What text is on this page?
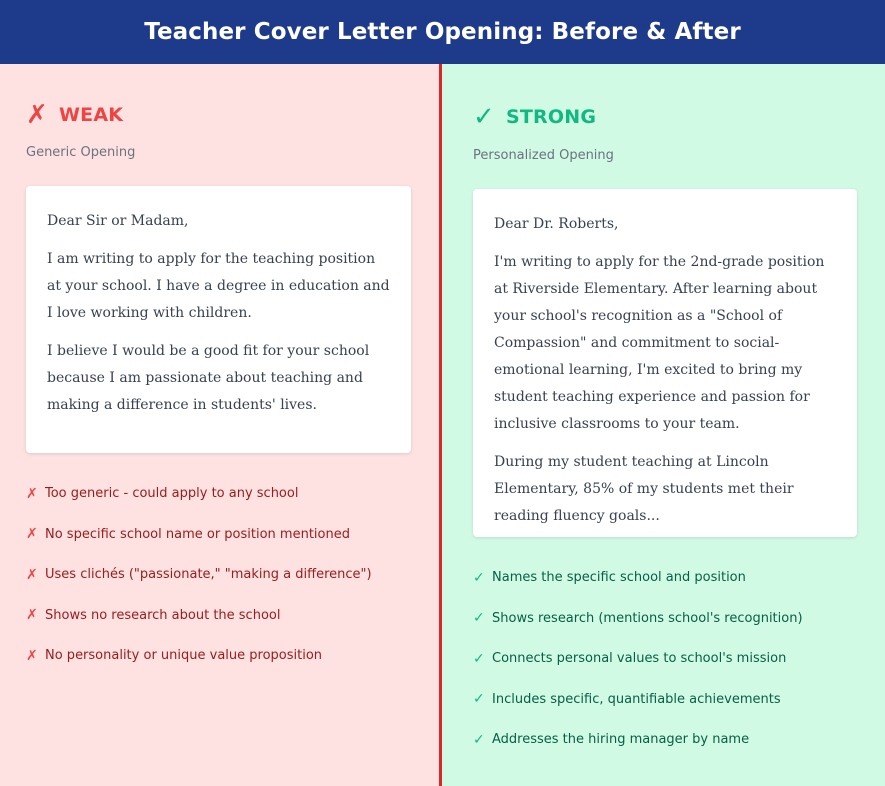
Teacher Cover Letter Opening: Before & After
✗ WEAK
Generic Opening

Dear Sir or Madam,

I am writing to apply for the teaching position at your school. I have a degree in education and I love working with children.

I believe I would be a good fit for your school because I am passionate about teaching and making a difference in students' lives.

✗ Too generic - could apply to any school
✗ No specific school name or position mentioned
✗ Uses clichés ("passionate," "making a difference")
✗ Shows no research about the school
✗ No personality or unique value proposition
✓ STRONG
Personalized Opening

Dear Dr. Roberts,

I'm writing to apply for the 2nd-grade position at Riverside Elementary. After learning about your school's recognition as a "School of Compassion" and commitment to social-emotional learning, I'm excited to bring my student teaching experience and passion for inclusive classrooms to your team.

During my student teaching at Lincoln Elementary, 85% of my students met their reading fluency goals...

✓ Names the specific school and position
✓ Shows research (mentions school's recognition)
✓ Connects personal values to school's mission
✓ Includes specific, quantifiable achievements
✓ Addresses the hiring manager by name
